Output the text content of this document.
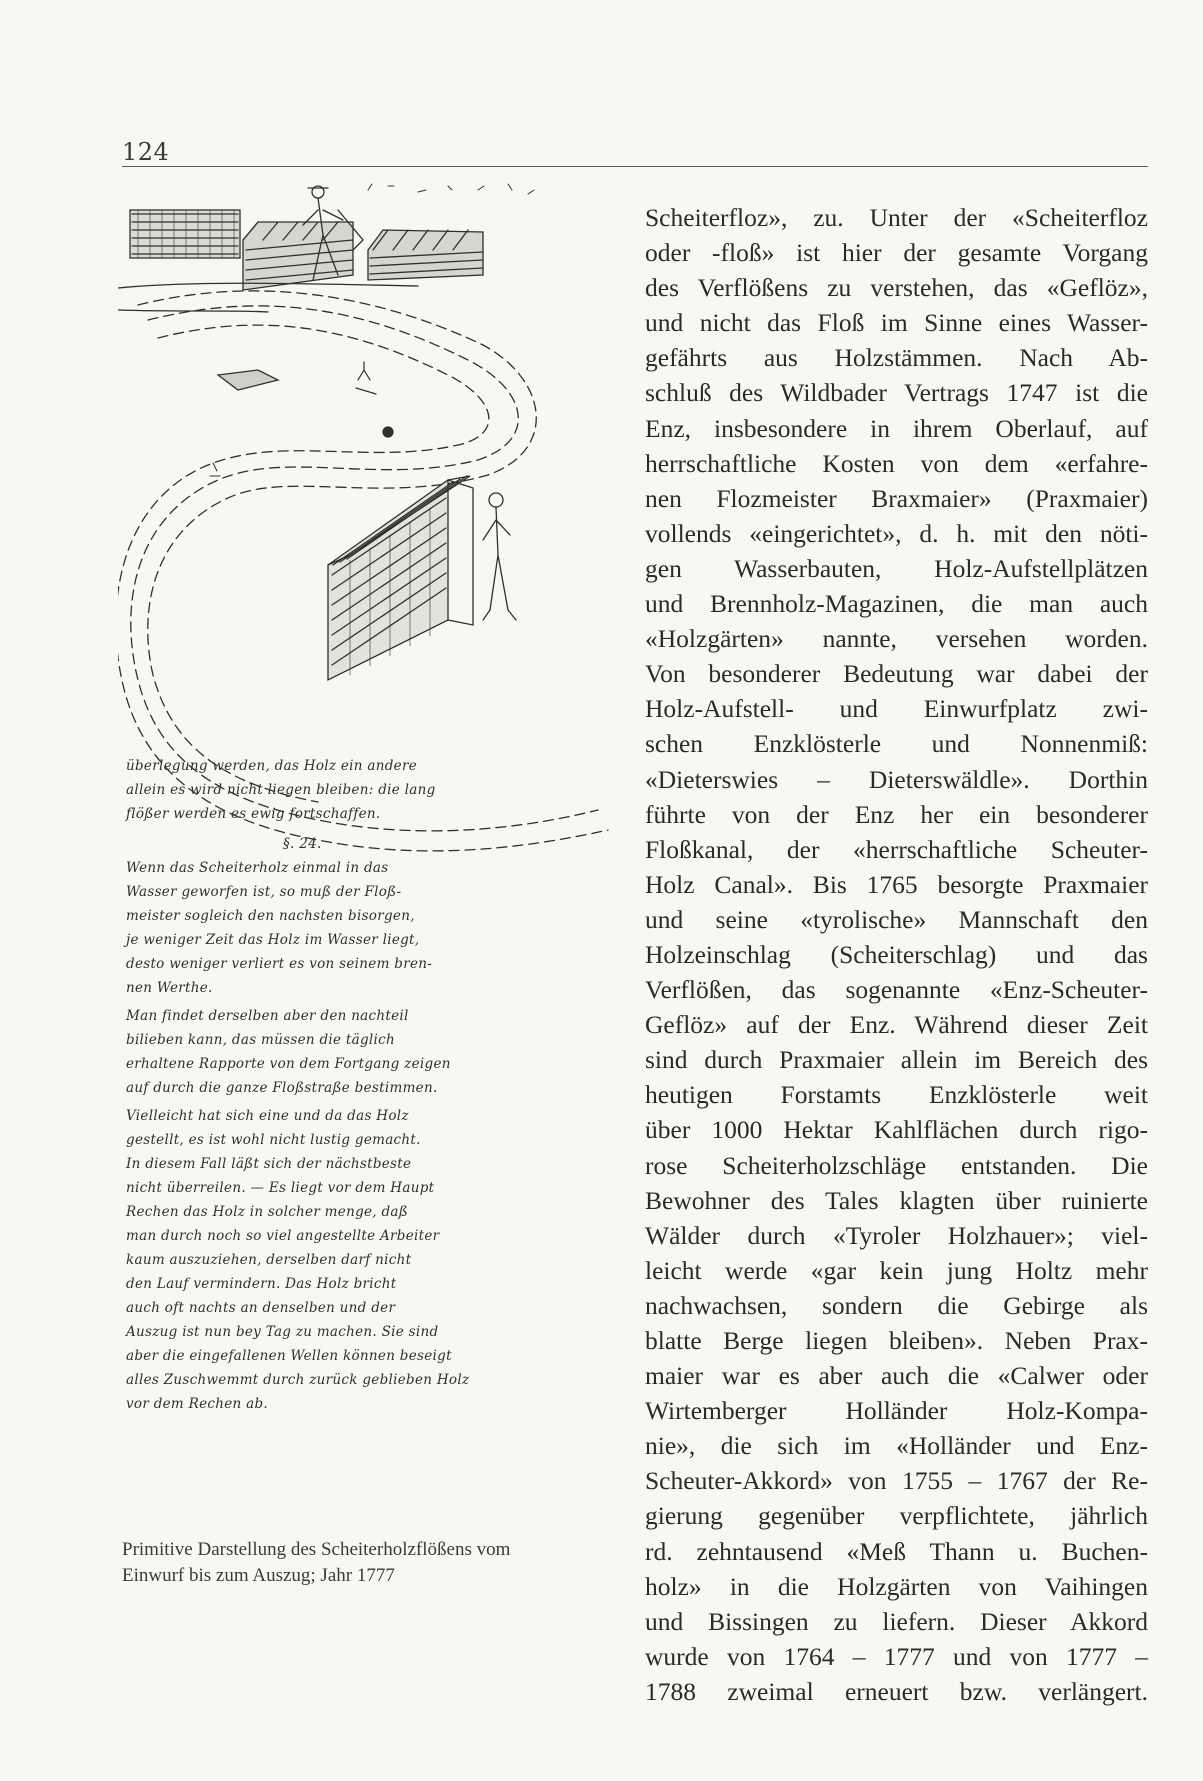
124
überlegung werden, das Holz ein andere
allein es wird nicht liegen bleiben: die lang
flößer werden es ewig fortschaffen.
§. 24.
Wenn das Scheiterholz einmal in das
Wasser geworfen ist, so muß der Floß-
meister sogleich den nachsten bisorgen,
je weniger Zeit das Holz im Wasser liegt,
desto weniger verliert es von seinem bren-
nen Werthe.
Man findet derselben aber den nachteil
bilieben kann, das müssen die täglich
erhaltene Rapporte von dem Fortgang zeigen
auf durch die ganze Floßstraße bestimmen.
Vielleicht hat sich eine und da das Holz
gestellt, es ist wohl nicht lustig gemacht.
In diesem Fall läßt sich der nächstbeste
nicht überreilen. — Es liegt vor dem Haupt
Rechen das Holz in solcher menge, daß
man durch noch so viel angestellte Arbeiter
kaum auszuziehen, derselben darf nicht
den Lauf vermindern. Das Holz bricht
auch oft nachts an denselben und der
Auszug ist nun bey Tag zu machen. Sie sind
aber die eingefallenen Wellen können beseigt
alles Zuschwemmt durch zurück geblieben Holz
vor dem Rechen ab.
Primitive Darstellung des Scheiterholzflößens vom
Einwurf bis zum Auszug; Jahr 1777
Scheiterfloz», zu. Unter der «Scheiterfloz
oder -floß» ist hier der gesamte Vorgang
des Verflößens zu verstehen, das «Geflöz»,
und nicht das Floß im Sinne eines Wasser-
gefährts aus Holzstämmen. Nach Ab-
schluß des Wildbader Vertrags 1747 ist die
Enz, insbesondere in ihrem Oberlauf, auf
herrschaftliche Kosten von dem «erfahre-
nen Flozmeister Braxmaier» (Praxmaier)
vollends «eingerichtet», d. h. mit den nöti-
gen Wasserbauten, Holz-Aufstellplätzen
und Brennholz-Magazinen, die man auch
«Holzgärten» nannte, versehen worden.
Von besonderer Bedeutung war dabei der
Holz-Aufstell- und Einwurfplatz zwi-
schen Enzklösterle und Nonnenmiß:
«Dieterswies – Dieterswäldle». Dorthin
führte von der Enz her ein besonderer
Floßkanal, der «herrschaftliche Scheuter-
Holz Canal». Bis 1765 besorgte Praxmaier
und seine «tyrolische» Mannschaft den
Holzeinschlag (Scheiterschlag) und das
Verflößen, das sogenannte «Enz-Scheuter-
Geflöz» auf der Enz. Während dieser Zeit
sind durch Praxmaier allein im Bereich des
heutigen Forstamts Enzklösterle weit
über 1000 Hektar Kahlflächen durch rigo-
rose Scheiterholzschläge entstanden. Die
Bewohner des Tales klagten über ruinierte
Wälder durch «Tyroler Holzhauer»; viel-
leicht werde «gar kein jung Holtz mehr
nachwachsen, sondern die Gebirge als
blatte Berge liegen bleiben». Neben Prax-
maier war es aber auch die «Calwer oder
Wirtemberger Holländer Holz-Kompa-
nie», die sich im «Holländer und Enz-
Scheuter-Akkord» von 1755 – 1767 der Re-
gierung gegenüber verpflichtete, jährlich
rd. zehntausend «Meß Thann u. Buchen-
holz» in die Holzgärten von Vaihingen
und Bissingen zu liefern. Dieser Akkord
wurde von 1764 – 1777 und von 1777 –
1788 zweimal erneuert bzw. verlängert.
